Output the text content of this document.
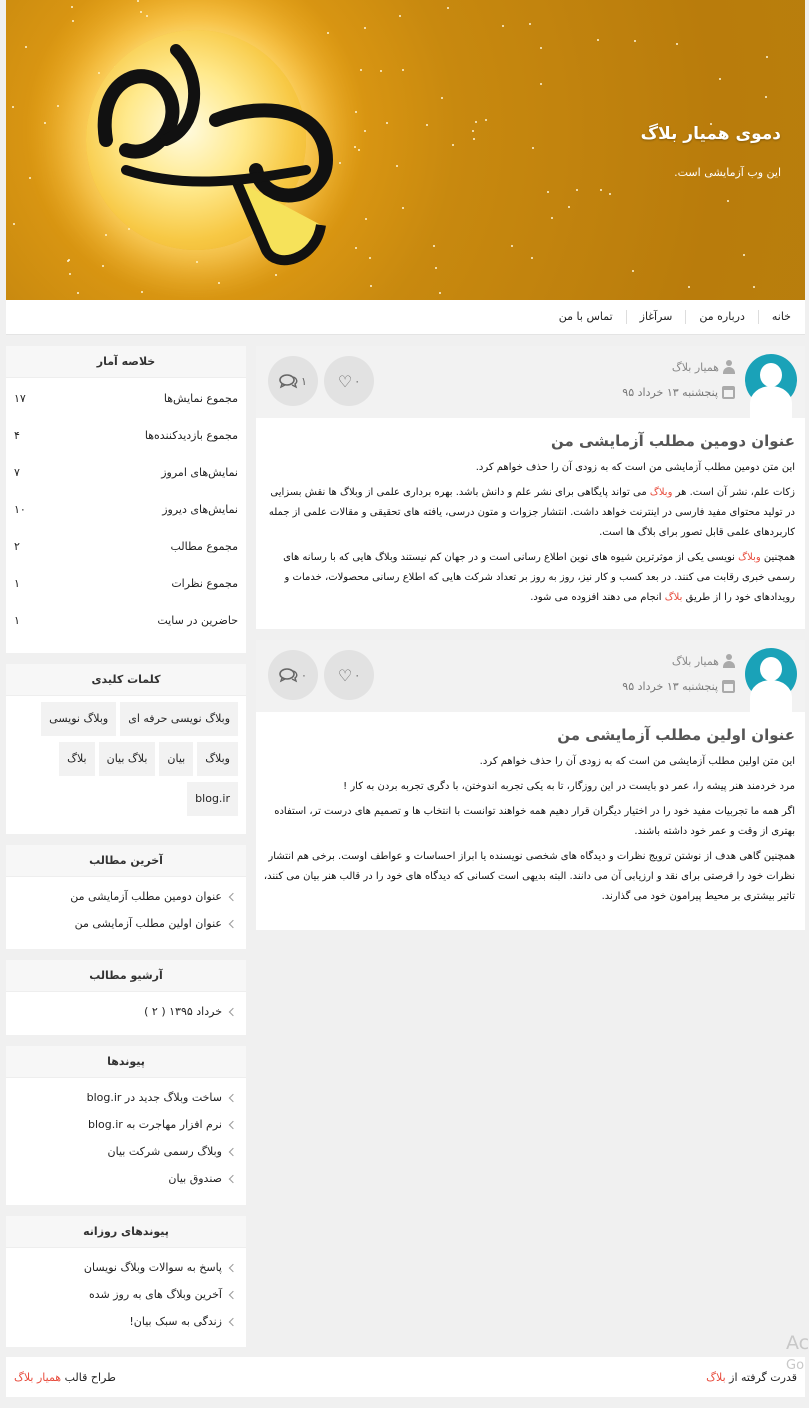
دموی همیار بلاگ
این وب آزمایشی است.
خانه
درباره من
سرآغاز
تماس با من
همیار بلاگ
پنجشنبه ۱۳ خرداد ۹۵
۰
♡
۱
عنوان دومین مطلب آزمایشی من

این متن دومین مطلب آزمایشی من است که به زودی آن را حذف خواهم کرد.

زکات علم، نشر آن است. هر وبلاگ می تواند پایگاهی برای نشر علم و دانش باشد. بهره برداری علمی از وبلاگ ها نقش بسزایی در تولید محتوای مفید فارسی در اینترنت خواهد داشت. انتشار جزوات و متون درسی، یافته های تحقیقی و مقالات علمی از جمله کاربردهای علمی قابل تصور برای بلاگ ها است.

همچنین وبلاگ نویسی یکی از موثرترین شیوه های نوین اطلاع رسانی است و در جهان کم نیستند وبلاگ هایی که با رسانه های رسمی خبری رقابت می کنند. در بعد کسب و کار نیز، روز به روز بر تعداد شرکت هایی که اطلاع رسانی محصولات، خدمات و رویدادهای خود را از طریق بلاگ انجام می دهند افزوده می شود.

همیار بلاگ
پنجشنبه ۱۳ خرداد ۹۵
۰
♡
۰
عنوان اولین مطلب آزمایشی من

این متن اولین مطلب آزمایشی من است که به زودی آن را حذف خواهم کرد.

مرد خردمند هنر پیشه را، عمر دو بایست در این روزگار، تا به یکی تجربه اندوختن، با دگری تجربه بردن به کار !

اگر همه ما تجربیات مفید خود را در اختیار دیگران قرار دهیم همه خواهند توانست با انتخاب ها و تصمیم های درست تر، استفاده بهتری از وقت و عمر خود داشته باشند.

همچنین گاهی هدف از نوشتن ترویج نظرات و دیدگاه های شخصی نویسنده یا ابراز احساسات و عواطف اوست. برخی هم انتشار نظرات خود را فرصتی برای نقد و ارزیابی آن می دانند. البته بدیهی است کسانی که دیدگاه های خود را در قالب هنر بیان می کنند، تاثیر بیشتری بر محیط پیرامون خود می گذارند.

خلاصه آمار
مجموع نمایش‌ها
۱۷
مجموع بازدیدکننده‌ها
۴
نمایش‌های امروز
۷
نمایش‌های دیروز
۱۰
مجموع مطالب
۲
مجموع نظرات
۱
حاضرین در سایت
۱
کلمات کلیدی
وبلاگ نویسی حرفه ای
وبلاگ نویسی
وبلاگ
بیان
بلاگ بیان
بلاگ
blog.ir
آخرین مطالب
عنوان دومین مطلب آزمایشی من
عنوان اولین مطلب آزمایشی من
آرشیو مطالب
خرداد ۱۳۹۵ ( ۲ )
پیوندها
ساخت وبلاگ جدید در blog.ir
نرم افزار مهاجرت به blog.ir
وبلاگ رسمی شرکت بیان
صندوق بیان
پیوندهای روزانه
پاسخ به سوالات وبلاگ نویسان
آخرین وبلاگ های به روز شده
زندگی به سبک بیان!
قدرت گرفته از بلاگ
طراح قالب همیار بلاگ
Ac
Go
